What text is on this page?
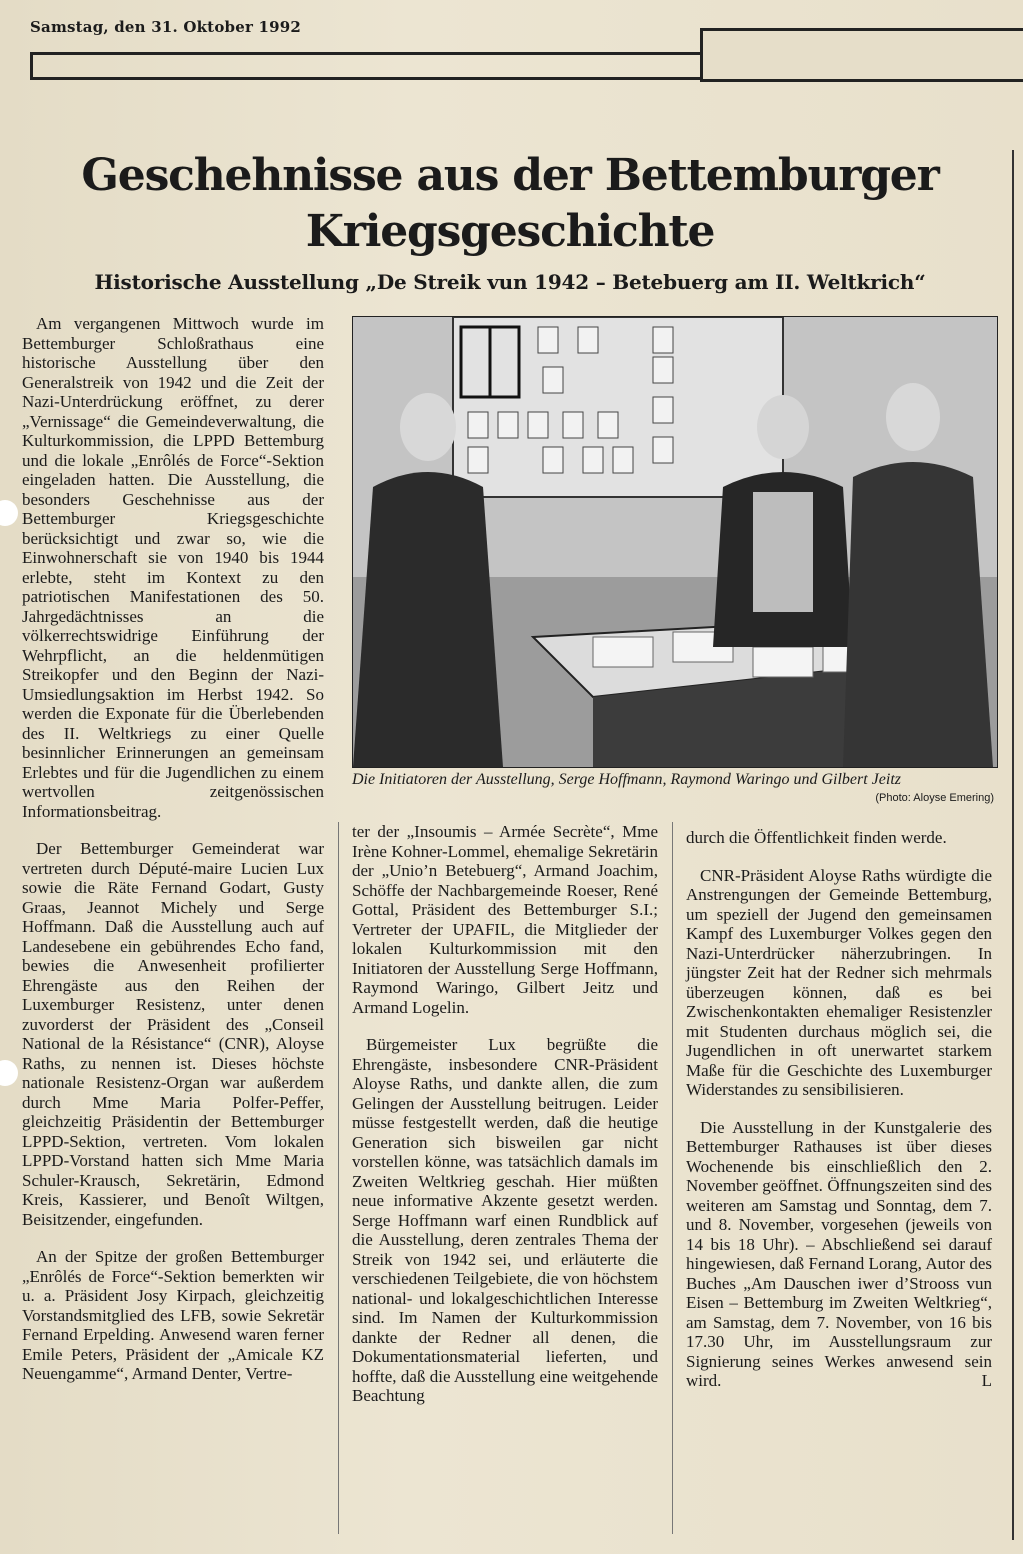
Samstag, den 31. Oktober 1992
Geschehnisse aus der Bettemburger Kriegsgeschichte
Historische Ausstellung „De Streik vun 1942 – Betebuerg am II. Weltkrich“

Am vergangenen Mittwoch wurde im Bettemburger Schloßrathaus eine historische Ausstellung über den Generalstreik von 1942 und die Zeit der Nazi-Unterdrückung eröffnet, zu derer „Vernissage“ die Gemeindeverwaltung, die Kulturkommission, die LPPD Bettemburg und die lokale „Enrôlés de Force“-Sektion eingeladen hatten. Die Ausstellung, die besonders Geschehnisse aus der Bettemburger Kriegsgeschichte berücksichtigt und zwar so, wie die Einwohnerschaft sie von 1940 bis 1944 erlebte, steht im Kontext zu den patriotischen Manifestationen des 50. Jahrgedächtnisses an die völkerrechtswidrige Einführung der Wehrpflicht, an die heldenmütigen Streikopfer und den Beginn der Nazi-Umsiedlungsaktion im Herbst 1942. So werden die Exponate für die Überlebenden des II. Weltkriegs zu einer Quelle besinnlicher Erinnerungen an gemeinsam Erlebtes und für die Jugendlichen zu einem wertvollen zeitgenössischen Informationsbeitrag.

Der Bettemburger Gemeinderat war vertreten durch Député-maire Lucien Lux sowie die Räte Fernand Godart, Gusty Graas, Jeannot Michely und Serge Hoffmann. Daß die Ausstellung auch auf Landesebene ein gebührendes Echo fand, bewies die Anwesenheit profilierter Ehrengäste aus den Reihen der Luxemburger Resistenz, unter denen zuvorderst der Präsident des „Conseil National de la Résistance“ (CNR), Aloyse Raths, zu nennen ist. Dieses höchste nationale Resistenz-Organ war außerdem durch Mme Maria Polfer-Peffer, gleichzeitig Präsidentin der Bettemburger LPPD-Sektion, vertreten. Vom lokalen LPPD-Vorstand hatten sich Mme Maria Schuler-Krausch, Sekretärin, Edmond Kreis, Kassierer, und Benoît Wiltgen, Beisitzender, eingefunden.

An der Spitze der großen Bettemburger „Enrôlés de Force“-Sektion bemerkten wir u. a. Präsident Josy Kirpach, gleichzeitig Vorstandsmitglied des LFB, sowie Sekretär Fernand Erpelding. Anwesend waren ferner Emile Peters, Präsident der „Amicale KZ Neuengamme“, Armand Denter, Vertre-

Die Initiatoren der Ausstellung, Serge Hoffmann, Raymond Waringo und Gilbert Jeitz
(Photo: Aloyse Emering)

ter der „Insoumis – Armée Secrète“, Mme Irène Kohner-Lommel, ehemalige Sekretärin der „Unio’n Betebuerg“, Armand Joachim, Schöffe der Nachbargemeinde Roeser, René Gottal, Präsident des Bettemburger S.I.; Vertreter der UPAFIL, die Mitglieder der lokalen Kulturkommission mit den Initiatoren der Ausstellung Serge Hoffmann, Raymond Waringo, Gilbert Jeitz und Armand Logelin.

Bürgemeister Lux begrüßte die Ehrengäste, insbesondere CNR-Präsident Aloyse Raths, und dankte allen, die zum Gelingen der Ausstellung beitrugen. Leider müsse festgestellt werden, daß die heutige Generation sich bisweilen gar nicht vorstellen könne, was tatsächlich damals im Zweiten Weltkrieg geschah. Hier müßten neue informative Akzente gesetzt werden. Serge Hoffmann warf einen Rundblick auf die Ausstellung, deren zentrales Thema der Streik von 1942 sei, und erläuterte die verschiedenen Teilgebiete, die von höchstem national- und lokalgeschichtlichen Interesse sind. Im Namen der Kulturkommission dankte der Redner all denen, die Dokumentationsmaterial lieferten, und hoffte, daß die Ausstellung eine weitgehende Beachtung

durch die Öffentlichkeit finden werde.

CNR-Präsident Aloyse Raths würdigte die Anstrengungen der Gemeinde Bettemburg, um speziell der Jugend den gemeinsamen Kampf des Luxemburger Volkes gegen den Nazi-Unterdrücker näherzubringen. In jüngster Zeit hat der Redner sich mehrmals überzeugen können, daß es bei Zwischenkontakten ehemaliger Resistenzler mit Studenten durchaus möglich sei, die Jugendlichen in oft unerwartet starkem Maße für die Geschichte des Luxemburger Widerstandes zu sensibilisieren.

Die Ausstellung in der Kunstgalerie des Bettemburger Rathauses ist über dieses Wochenende bis einschließlich den 2. November geöffnet. Öffnungszeiten sind des weiteren am Samstag und Sonntag, dem 7. und 8. November, vorgesehen (jeweils von 14 bis 18 Uhr). – Abschließend sei darauf hingewiesen, daß Fernand Lorang, Autor des Buches „Am Dauschen iwer d’Strooss vun Eisen – Bettemburg im Zweiten Weltkrieg“, am Samstag, dem 7. November, von 16 bis 17.30 Uhr, im Ausstellungsraum zur Signierung seines Werkes anwesend sein wird.	L
